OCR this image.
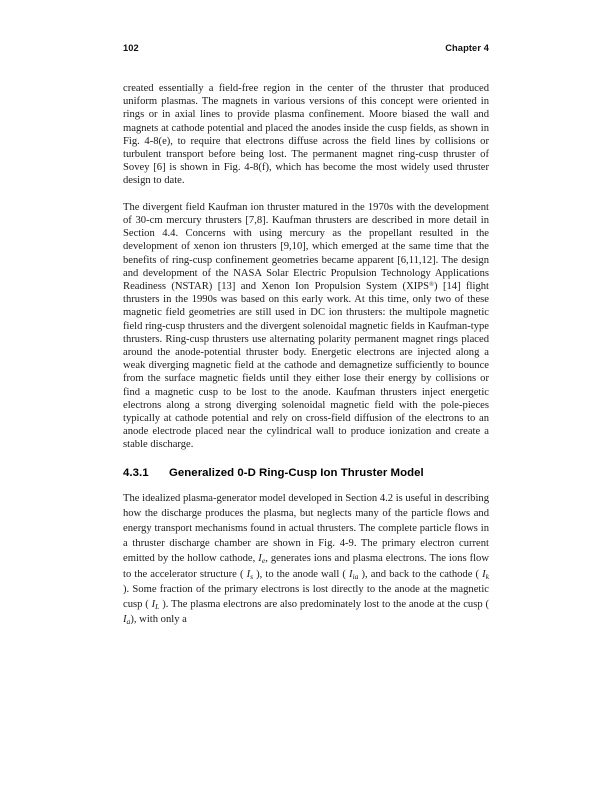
102	Chapter 4

created essentially a field-free region in the center of the thruster that produced uniform plasmas. The magnets in various versions of this concept were oriented in rings or in axial lines to provide plasma confinement. Moore biased the wall and magnets at cathode potential and placed the anodes inside the cusp fields, as shown in Fig. 4-8(e), to require that electrons diffuse across the field lines by collisions or turbulent transport before being lost. The permanent magnet ring-cusp thruster of Sovey [6] is shown in Fig. 4-8(f), which has become the most widely used thruster design to date.

The divergent field Kaufman ion thruster matured in the 1970s with the development of 30-cm mercury thrusters [7,8]. Kaufman thrusters are described in more detail in Section 4.4. Concerns with using mercury as the propellant resulted in the development of xenon ion thrusters [9,10], which emerged at the same time that the benefits of ring-cusp confinement geometries became apparent [6,11,12]. The design and development of the NASA Solar Electric Propulsion Technology Applications Readiness (NSTAR) [13] and Xenon Ion Propulsion System (XIPS®) [14] flight thrusters in the 1990s was based on this early work. At this time, only two of these magnetic field geometries are still used in DC ion thrusters: the multipole magnetic field ring-cusp thrusters and the divergent solenoidal magnetic fields in Kaufman-type thrusters. Ring-cusp thrusters use alternating polarity permanent magnet rings placed around the anode-potential thruster body. Energetic electrons are injected along a weak diverging magnetic field at the cathode and demagnetize sufficiently to bounce from the surface magnetic fields until they either lose their energy by collisions or find a magnetic cusp to be lost to the anode. Kaufman thrusters inject energetic electrons along a strong diverging solenoidal magnetic field with the pole-pieces typically at cathode potential and rely on cross-field diffusion of the electrons to an anode electrode placed near the cylindrical wall to produce ionization and create a stable discharge.

4.3.1	Generalized 0-D Ring-Cusp Ion Thruster Model

The idealized plasma-generator model developed in Section 4.2 is useful in describing how the discharge produces the plasma, but neglects many of the particle flows and energy transport mechanisms found in actual thrusters. The complete particle flows in a thruster discharge chamber are shown in Fig. 4-9. The primary electron current emitted by the hollow cathode, $I_e$, generates ions and plasma electrons. The ions flow to the accelerator structure ( $I_s$ ), to the anode wall ( $I_{ia}$ ), and back to the cathode ( $I_k$ ). Some fraction of the primary electrons is lost directly to the anode at the magnetic cusp ( $I_L$ ). The plasma electrons are also predominately lost to the anode at the cusp ( $I_a$), with only a
